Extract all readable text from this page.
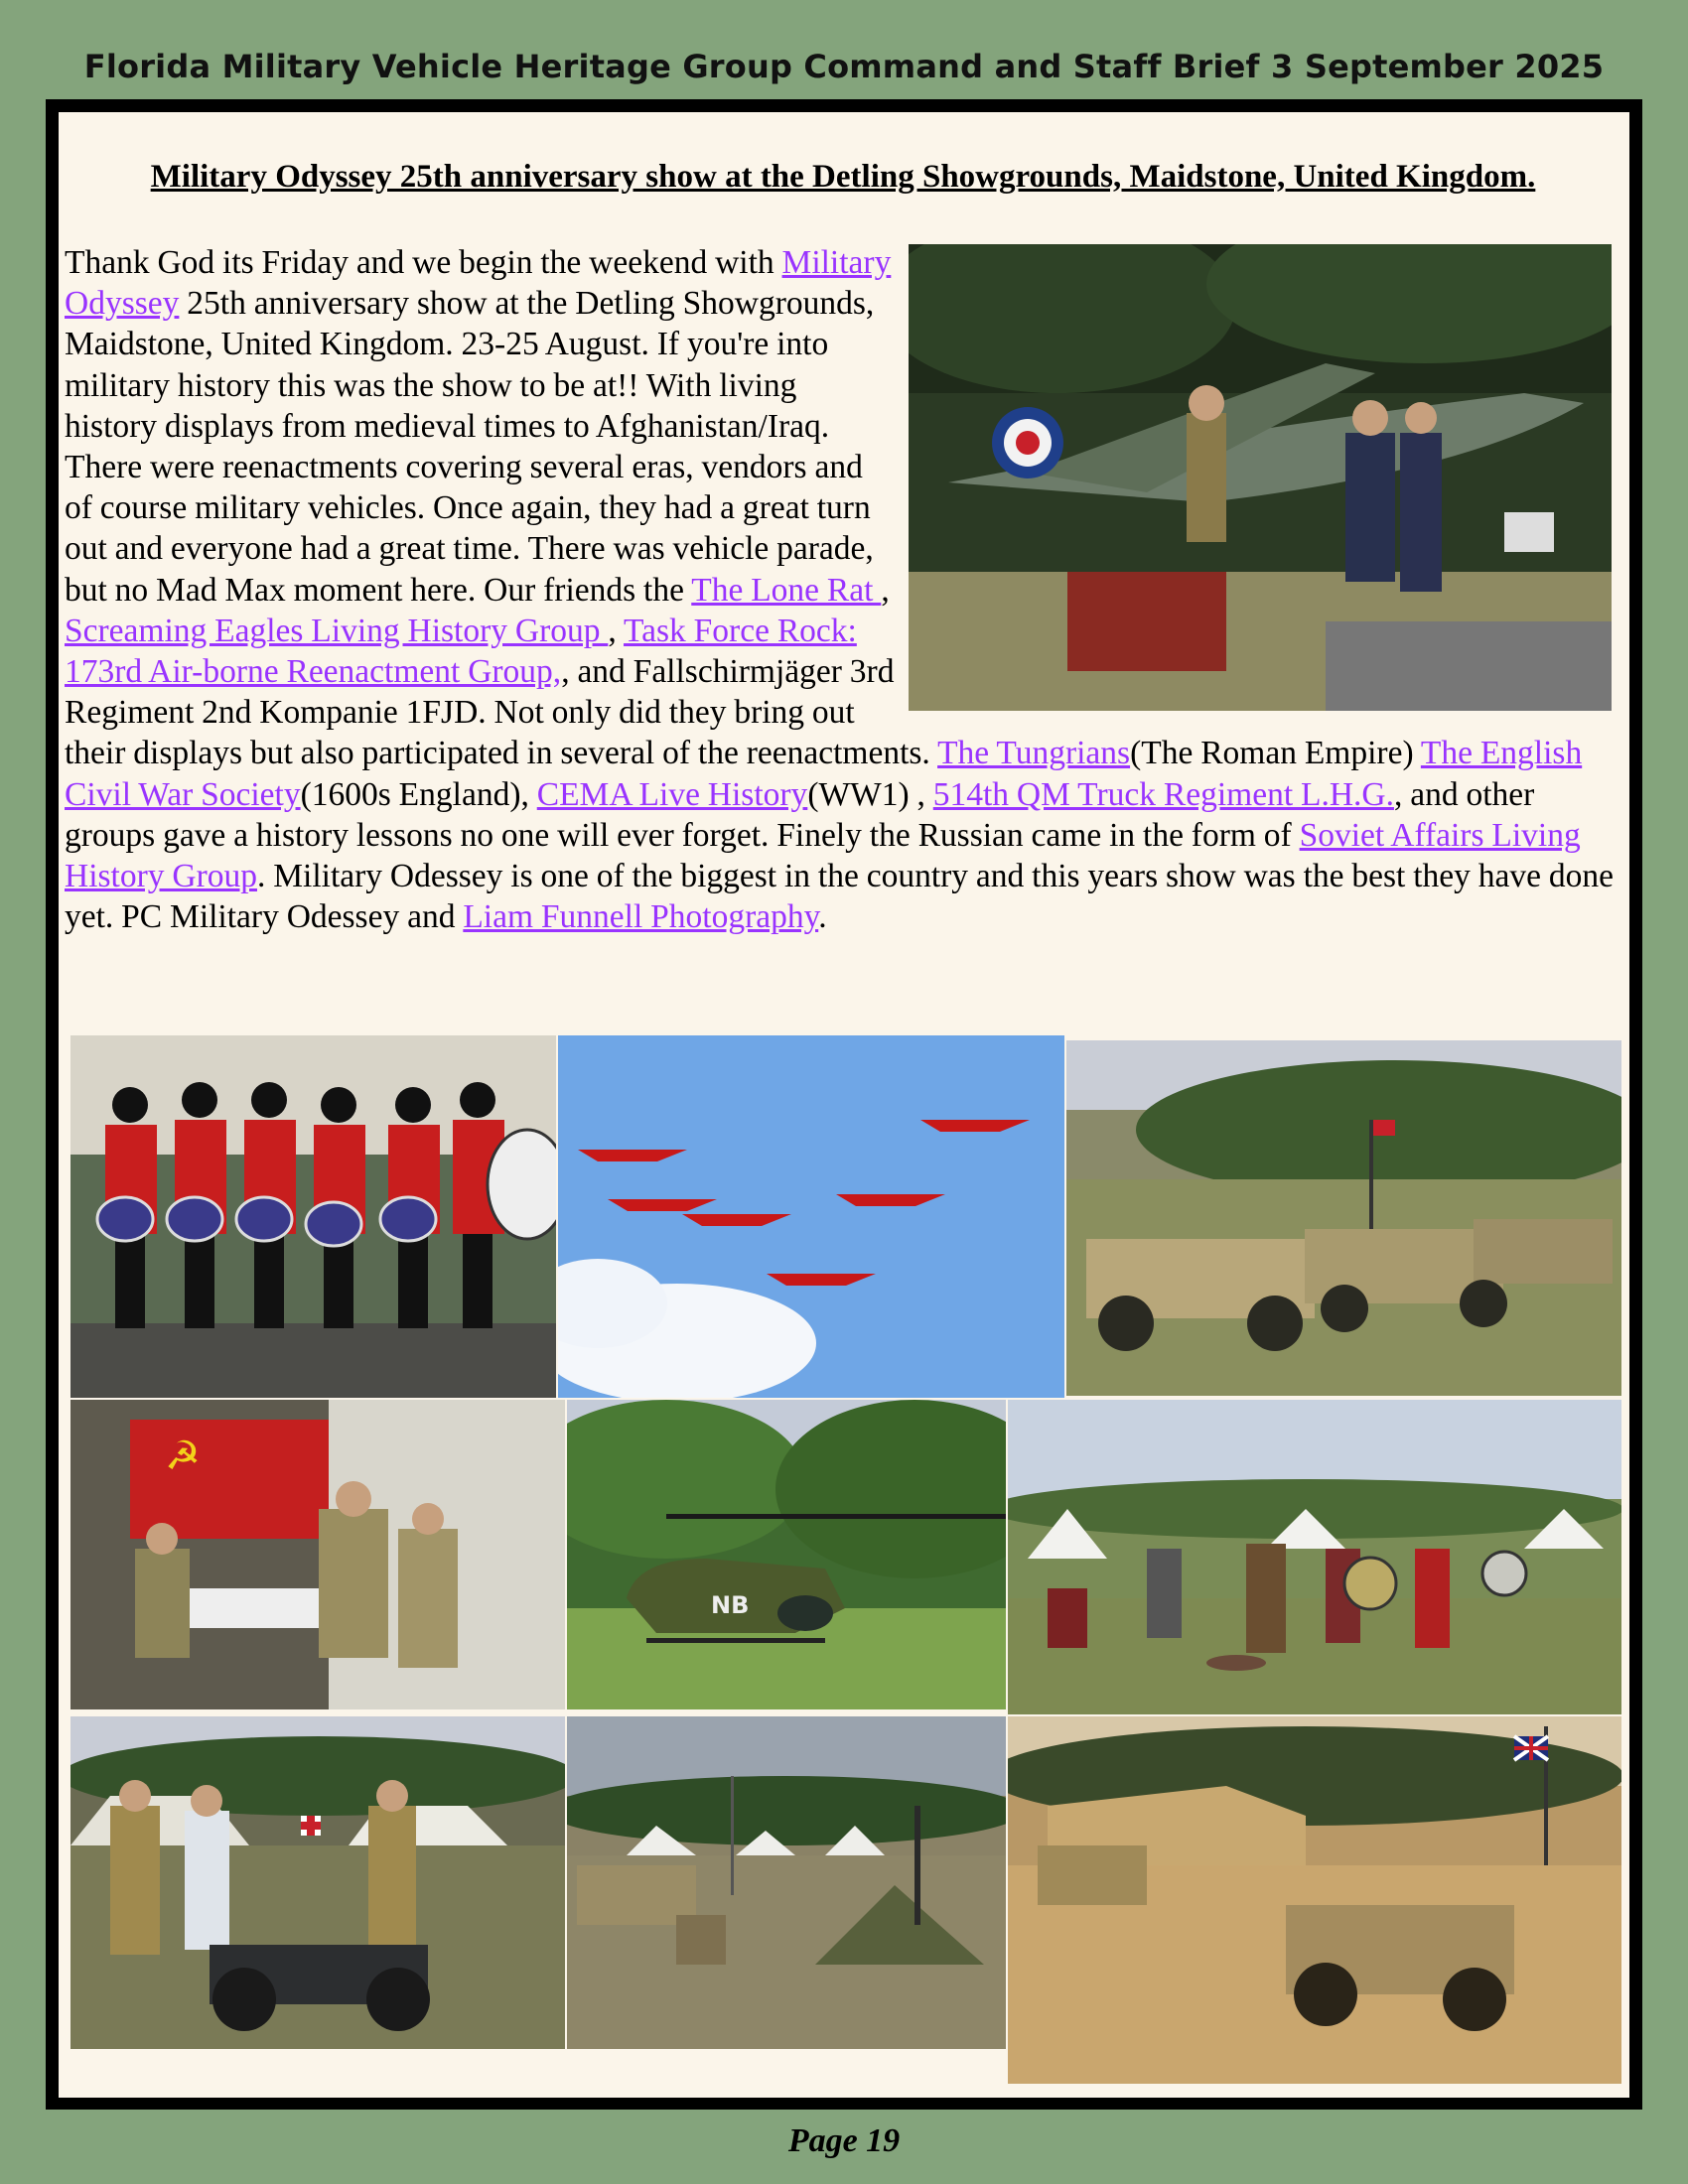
Florida Military Vehicle Heritage Group Command and Staff Brief 3 September 2025
Military Odyssey 25th anniversary show at the Detling Showgrounds, Maidstone, United Kingdom.
Thank God its Friday and we begin the weekend with Military Odyssey 25th anniversary show at the Detling Showgrounds, Maidstone, United Kingdom. 23-25 August. If you're into military history this was the show to be at!! With living history displays from medieval times to Afghanistan/Iraq. There were reenactments covering several eras, vendors and of course military vehicles. Once again, they had a great turn out and everyone had a great time. There was vehicle parade, but no Mad Max moment here. Our friends the The Lone Rat , Screaming Eagles Living History Group , Task Force Rock: 173rd Air-borne Reenactment Group,, and Fallschirmjäger 3rd Regiment 2nd Kompanie 1FJD. Not only did they bring out their displays but also participated in several of the reenactments. The Tungrians(The Roman Empire) The English Civil War Society(1600s England), CEMA Live History(WW1) , 514th QM Truck Regiment L.H.G., and other groups gave a history lessons no one will ever forget. Finely the Russian came in the form of Soviet Affairs Living History Group. Military Odessey is one of the biggest in the country and this years show was the best they have done yet. PC Military Odessey and Liam Funnell Photography.
☭
NB
Page 19
